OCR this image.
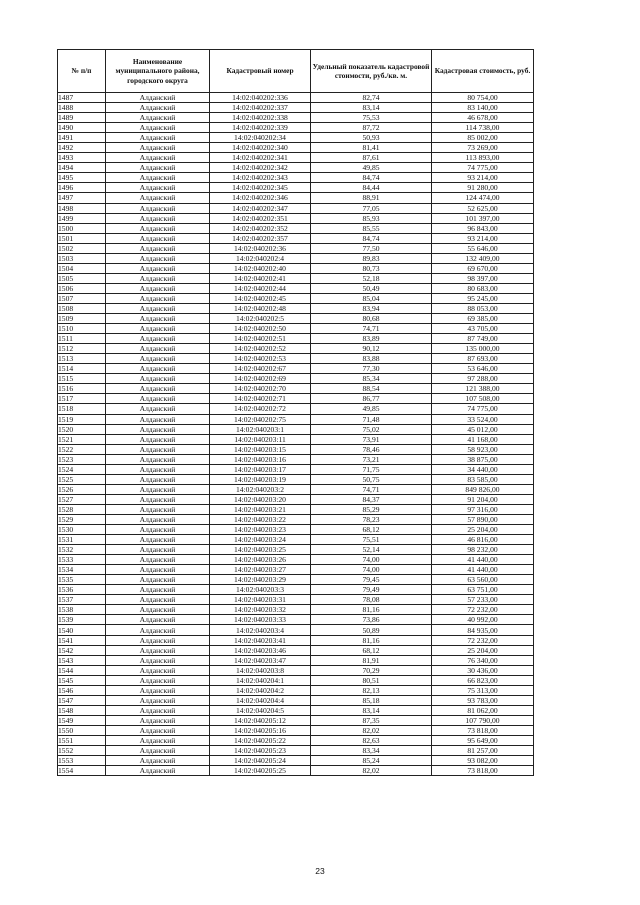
№ п/п	Наименование муниципального района, городского округа	Кадастровый номер	Удельный показатель кадастровой стоимости, руб./кв. м.	Кадастровая стоимость, руб.
1487	Алданский	14:02:040202:336	82,74	80 754,00
1488	Алданский	14:02:040202:337	83,14	83 140,00
1489	Алданский	14:02:040202:338	75,53	46 678,00
1490	Алданский	14:02:040202:339	87,72	114 738,00
1491	Алданский	14:02:040202:34	50,93	85 002,00
1492	Алданский	14:02:040202:340	81,41	73 269,00
1493	Алданский	14:02:040202:341	87,61	113 893,00
1494	Алданский	14:02:040202:342	49,85	74 775,00
1495	Алданский	14:02:040202:343	84,74	93 214,00
1496	Алданский	14:02:040202:345	84,44	91 280,00
1497	Алданский	14:02:040202:346	88,91	124 474,00
1498	Алданский	14:02:040202:347	77,05	52 625,00
1499	Алданский	14:02:040202:351	85,93	101 397,00
1500	Алданский	14:02:040202:352	85,55	96 843,00
1501	Алданский	14:02:040202:357	84,74	93 214,00
1502	Алданский	14:02:040202:36	77,50	55 646,00
1503	Алданский	14:02:040202:4	89,83	132 409,00
1504	Алданский	14:02:040202:40	80,73	69 670,00
1505	Алданский	14:02:040202:41	52,18	98 397,00
1506	Алданский	14:02:040202:44	50,49	80 683,00
1507	Алданский	14:02:040202:45	85,04	95 245,00
1508	Алданский	14:02:040202:48	83,94	88 053,00
1509	Алданский	14:02:040202:5	80,68	69 385,00
1510	Алданский	14:02:040202:50	74,71	43 705,00
1511	Алданский	14:02:040202:51	83,89	87 749,00
1512	Алданский	14:02:040202:52	90,12	135 000,00
1513	Алданский	14:02:040202:53	83,88	87 693,00
1514	Алданский	14:02:040202:67	77,30	53 646,00
1515	Алданский	14:02:040202:69	85,34	97 288,00
1516	Алданский	14:02:040202:70	88,54	121 388,00
1517	Алданский	14:02:040202:71	86,77	107 508,00
1518	Алданский	14:02:040202:72	49,85	74 775,00
1519	Алданский	14:02:040202:75	71,48	33 524,00
1520	Алданский	14:02:040203:1	75,02	45 012,00
1521	Алданский	14:02:040203:11	73,91	41 168,00
1522	Алданский	14:02:040203:15	78,46	58 923,00
1523	Алданский	14:02:040203:16	73,21	38 875,00
1524	Алданский	14:02:040203:17	71,75	34 440,00
1525	Алданский	14:02:040203:19	50,75	83 585,00
1526	Алданский	14:02:040203:2	74,71	849 826,00
1527	Алданский	14:02:040203:20	84,37	91 204,00
1528	Алданский	14:02:040203:21	85,29	97 316,00
1529	Алданский	14:02:040203:22	78,23	57 890,00
1530	Алданский	14:02:040203:23	68,12	25 204,00
1531	Алданский	14:02:040203:24	75,51	46 816,00
1532	Алданский	14:02:040203:25	52,14	98 232,00
1533	Алданский	14:02:040203:26	74,00	41 440,00
1534	Алданский	14:02:040203:27	74,00	41 440,00
1535	Алданский	14:02:040203:29	79,45	63 560,00
1536	Алданский	14:02:040203:3	79,49	63 751,00
1537	Алданский	14:02:040203:31	78,08	57 233,00
1538	Алданский	14:02:040203:32	81,16	72 232,00
1539	Алданский	14:02:040203:33	73,86	40 992,00
1540	Алданский	14:02:040203:4	50,89	84 935,00
1541	Алданский	14:02:040203:41	81,16	72 232,00
1542	Алданский	14:02:040203:46	68,12	25 204,00
1543	Алданский	14:02:040203:47	81,91	76 340,00
1544	Алданский	14:02:040203:8	70,29	30 436,00
1545	Алданский	14:02:040204:1	80,51	66 823,00
1546	Алданский	14:02:040204:2	82,13	75 313,00
1547	Алданский	14:02:040204:4	85,18	93 783,00
1548	Алданский	14:02:040204:5	83,14	81 062,00
1549	Алданский	14:02:040205:12	87,35	107 790,00
1550	Алданский	14:02:040205:16	82,02	73 818,00
1551	Алданский	14:02:040205:22	82,63	95 649,00
1552	Алданский	14:02:040205:23	83,34	81 257,00
1553	Алданский	14:02:040205:24	85,24	93 082,00
1554	Алданский	14:02:040205:25	82,02	73 818,00
23
